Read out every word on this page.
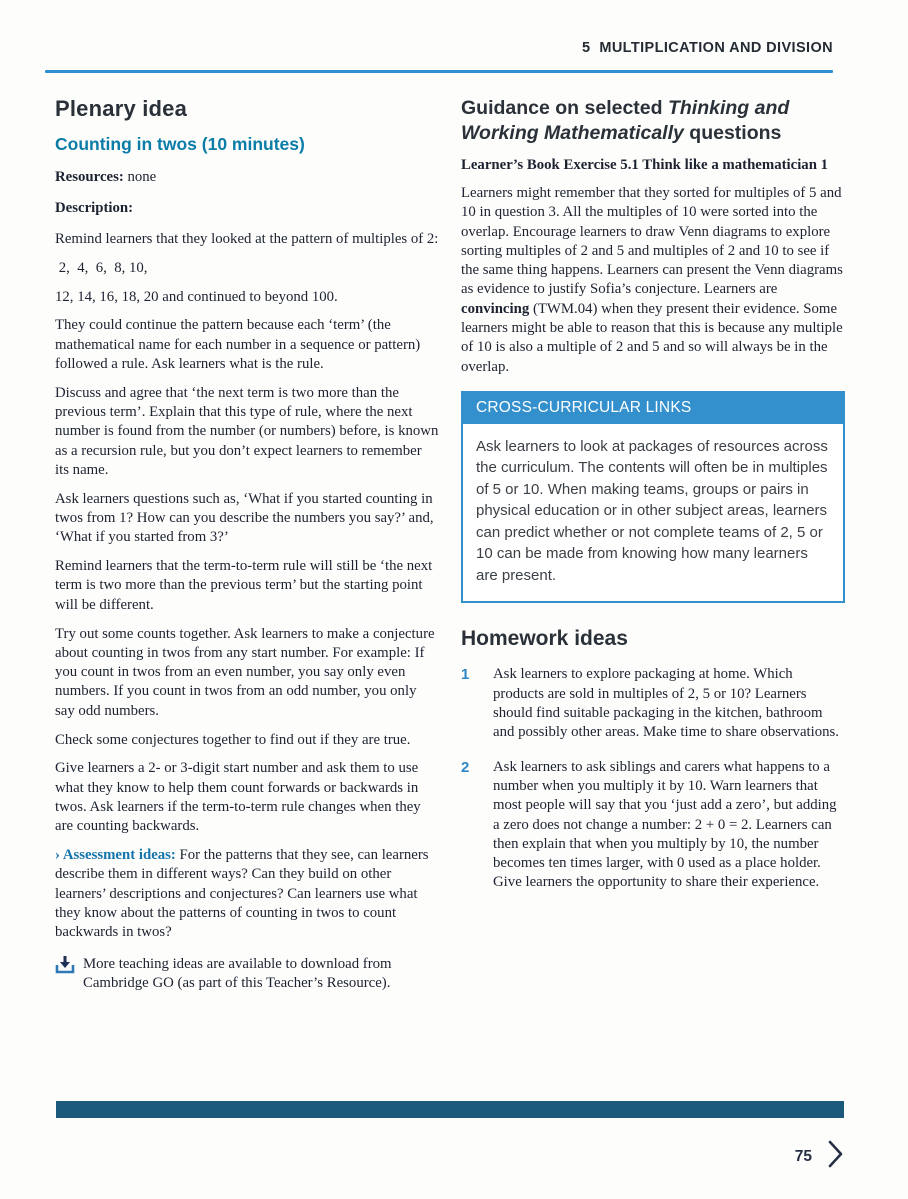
5  MULTIPLICATION AND DIVISION
Plenary idea
Counting in twos (10 minutes)

Resources: none

Description:

Remind learners that they looked at the pattern of multiples of 2:

2,  4,  6,  8, 10,

12, 14, 16, 18, 20 and continued to beyond 100.

They could continue the pattern because each ‘term’ (the mathematical name for each number in a sequence or pattern) followed a rule. Ask learners what is the rule.

Discuss and agree that ‘the next term is two more than the previous term’. Explain that this type of rule, where the next number is found from the number (or numbers) before, is known as a recursion rule, but you don’t expect learners to remember its name.

Ask learners questions such as, ‘What if you started counting in twos from 1? How can you describe the numbers you say?’ and, ‘What if you started from 3?’

Remind learners that the term-to-term rule will still be ‘the next term is two more than the previous term’ but the starting point will be different.

Try out some counts together. Ask learners to make a conjecture about counting in twos from any start number. For example: If you count in twos from an even number, you say only even numbers. If you count in twos from an odd number, you only say odd numbers.

Check some conjectures together to find out if they are true.

Give learners a 2- or 3-digit start number and ask them to use what they know to help them count forwards or backwards in twos. Ask learners if the term-to-term rule changes when they are counting backwards.

› Assessment ideas: For the patterns that they see, can learners describe them in different ways? Can they build on other learners’ descriptions and conjectures? Can learners use what they know about the patterns of counting in twos to count backwards in twos?

More teaching ideas are available to download from Cambridge GO (as part of this Teacher’s Resource).
Guidance on selected Thinking and Working Mathematically questions

Learner’s Book Exercise 5.1 Think like a mathematician 1

Learners might remember that they sorted for multiples of 5 and 10 in question 3. All the multiples of 10 were sorted into the overlap. Encourage learners to draw Venn diagrams to explore sorting multiples of 2 and 5 and multiples of 2 and 10 to see if the same thing happens. Learners can present the Venn diagrams as evidence to justify Sofia’s conjecture. Learners are convincing (TWM.04) when they present their evidence. Some learners might be able to reason that this is because any multiple of 10 is also a multiple of 2 and 5 and so will always be in the overlap.

CROSS-CURRICULAR LINKS
Ask learners to look at packages of resources across the curriculum. The contents will often be in multiples of 5 or 10. When making teams, groups or pairs in physical education or in other subject areas, learners can predict whether or not complete teams of 2, 5 or 10 can be made from knowing how many learners are present.
Homework ideas
1	Ask learners to explore packaging at home. Which products are sold in multiples of 2, 5 or 10? Learners should find suitable packaging in the kitchen, bathroom and possibly other areas. Make time to share observations.
2	Ask learners to ask siblings and carers what happens to a number when you multiply it by 10. Warn learners that most people will say that you ‘just add a zero’, but adding a zero does not change a number: 2 + 0 = 2. Learners can then explain that when you multiply by 10, the number becomes ten times larger, with 0 used as a place holder. Give learners the opportunity to share their experience.
75
